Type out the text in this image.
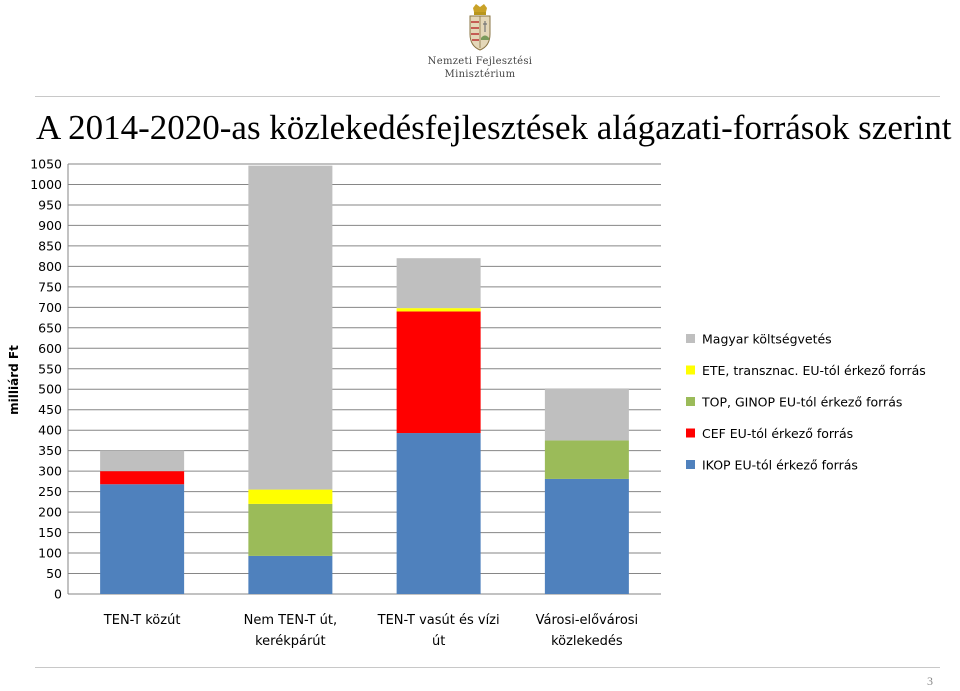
Nemzeti Fejlesztési
Minisztérium
A 2014-2020-as közlekedésfejlesztések alágazati-források szerint
0
50
100
150
200
250
300
350
400
450
500
550
600
650
700
750
800
850
900
950
1000
1050
TEN-T közút	Nem TEN-T út,
kerékpárút
TEN-T vasút és vízi
út
Városi-elővárosi
közlekedés
milliárd Ft
Magyar költségvetés
ETE, transznac. EU-tól érkező forrás
TOP, GINOP EU-tól érkező forrás
CEF EU-tól érkező forrás
IKOP EU-tól érkező forrás
3
